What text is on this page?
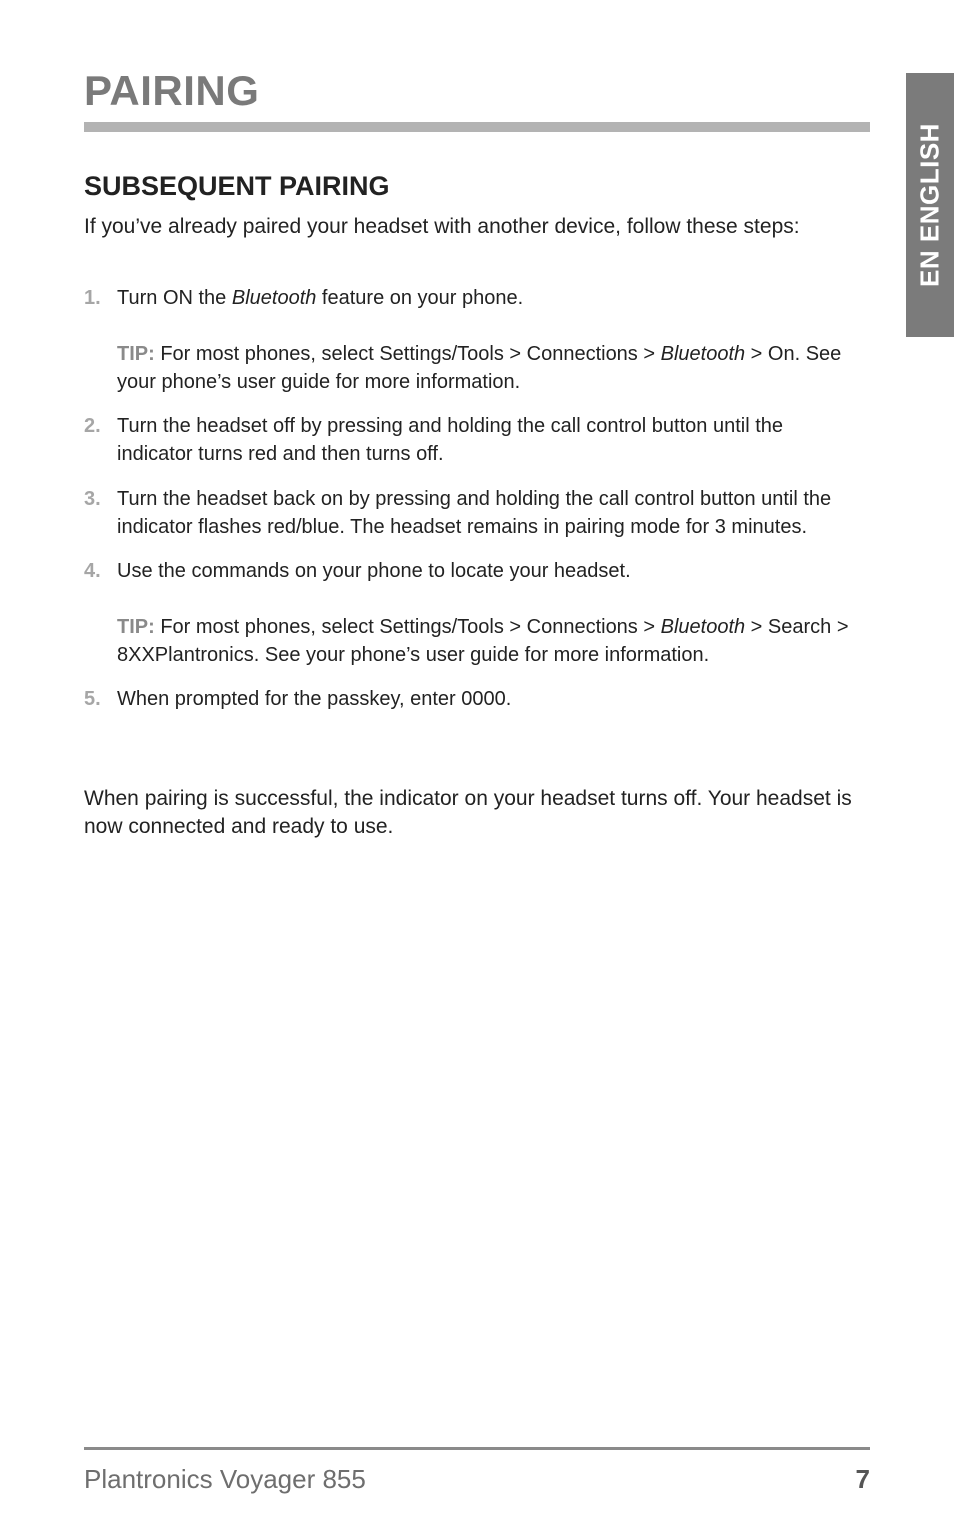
PAIRING
EN ENGLISH
SUBSEQUENT PAIRING

If you’ve already paired your headset with another device, follow these steps:

1. Turn ON the Bluetooth feature on your phone.
TIP: For most phones, select Settings/Tools > Connections > Bluetooth > On. See your phone’s user guide for more information.
2. Turn the headset off by pressing and holding the call control button until the indicator turns red and then turns off.
3. Turn the headset back on by pressing and holding the call control button until the indicator flashes red/blue. The headset remains in pairing mode for 3 minutes.
4. Use the commands on your phone to locate your headset.
TIP: For most phones, select Settings/Tools > Connections > Bluetooth > Search > 8XXPlantronics. See your phone’s user guide for more information.
5. When prompted for the passkey, enter 0000.

When pairing is successful, the indicator on your headset turns off. Your headset is now connected and ready to use.

Plantronics Voyager 855	7
